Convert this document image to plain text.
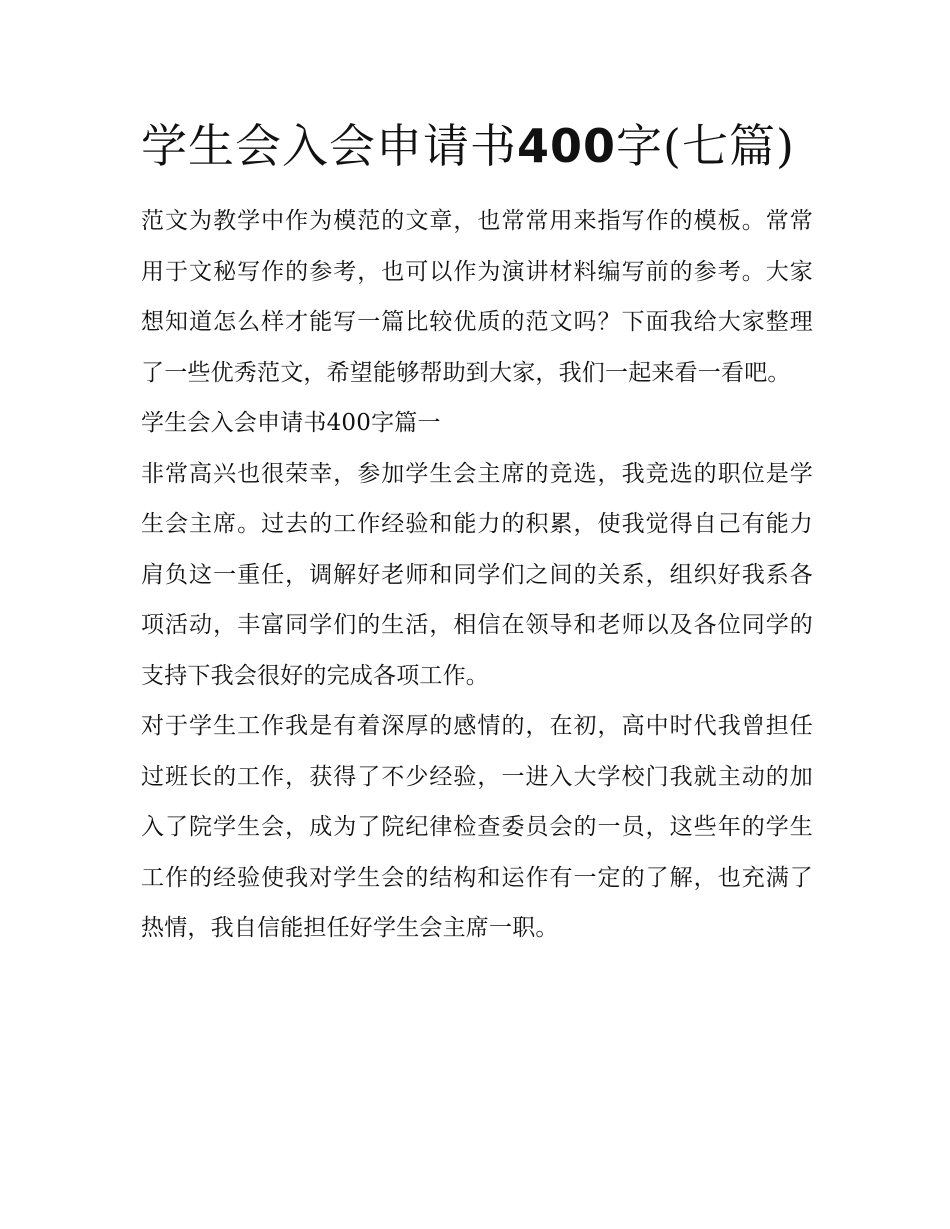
学生会入会申请书400字(七篇)

范文为教学中作为模范的文章，也常常用来指写作的模板。常常用于文秘写作的参考，也可以作为演讲材料编写前的参考。大家想知道怎么样才能写一篇比较优质的范文吗？下面我给大家整理了一些优秀范文，希望能够帮助到大家，我们一起来看一看吧。

学生会入会申请书400字篇一

非常高兴也很荣幸，参加学生会主席的竞选，我竞选的职位是学生会主席。过去的工作经验和能力的积累，使我觉得自己有能力肩负这一重任，调解好老师和同学们之间的关系，组织好我系各项活动，丰富同学们的生活，相信在领导和老师以及各位同学的支持下我会很好的完成各项工作。

对于学生工作我是有着深厚的感情的，在初，高中时代我曾担任过班长的工作，获得了不少经验，一进入大学校门我就主动的加入了院学生会，成为了院纪律检查委员会的一员，这些年的学生工作的经验使我对学生会的结构和运作有一定的了解，也充满了热情，我自信能担任好学生会主席一职。
